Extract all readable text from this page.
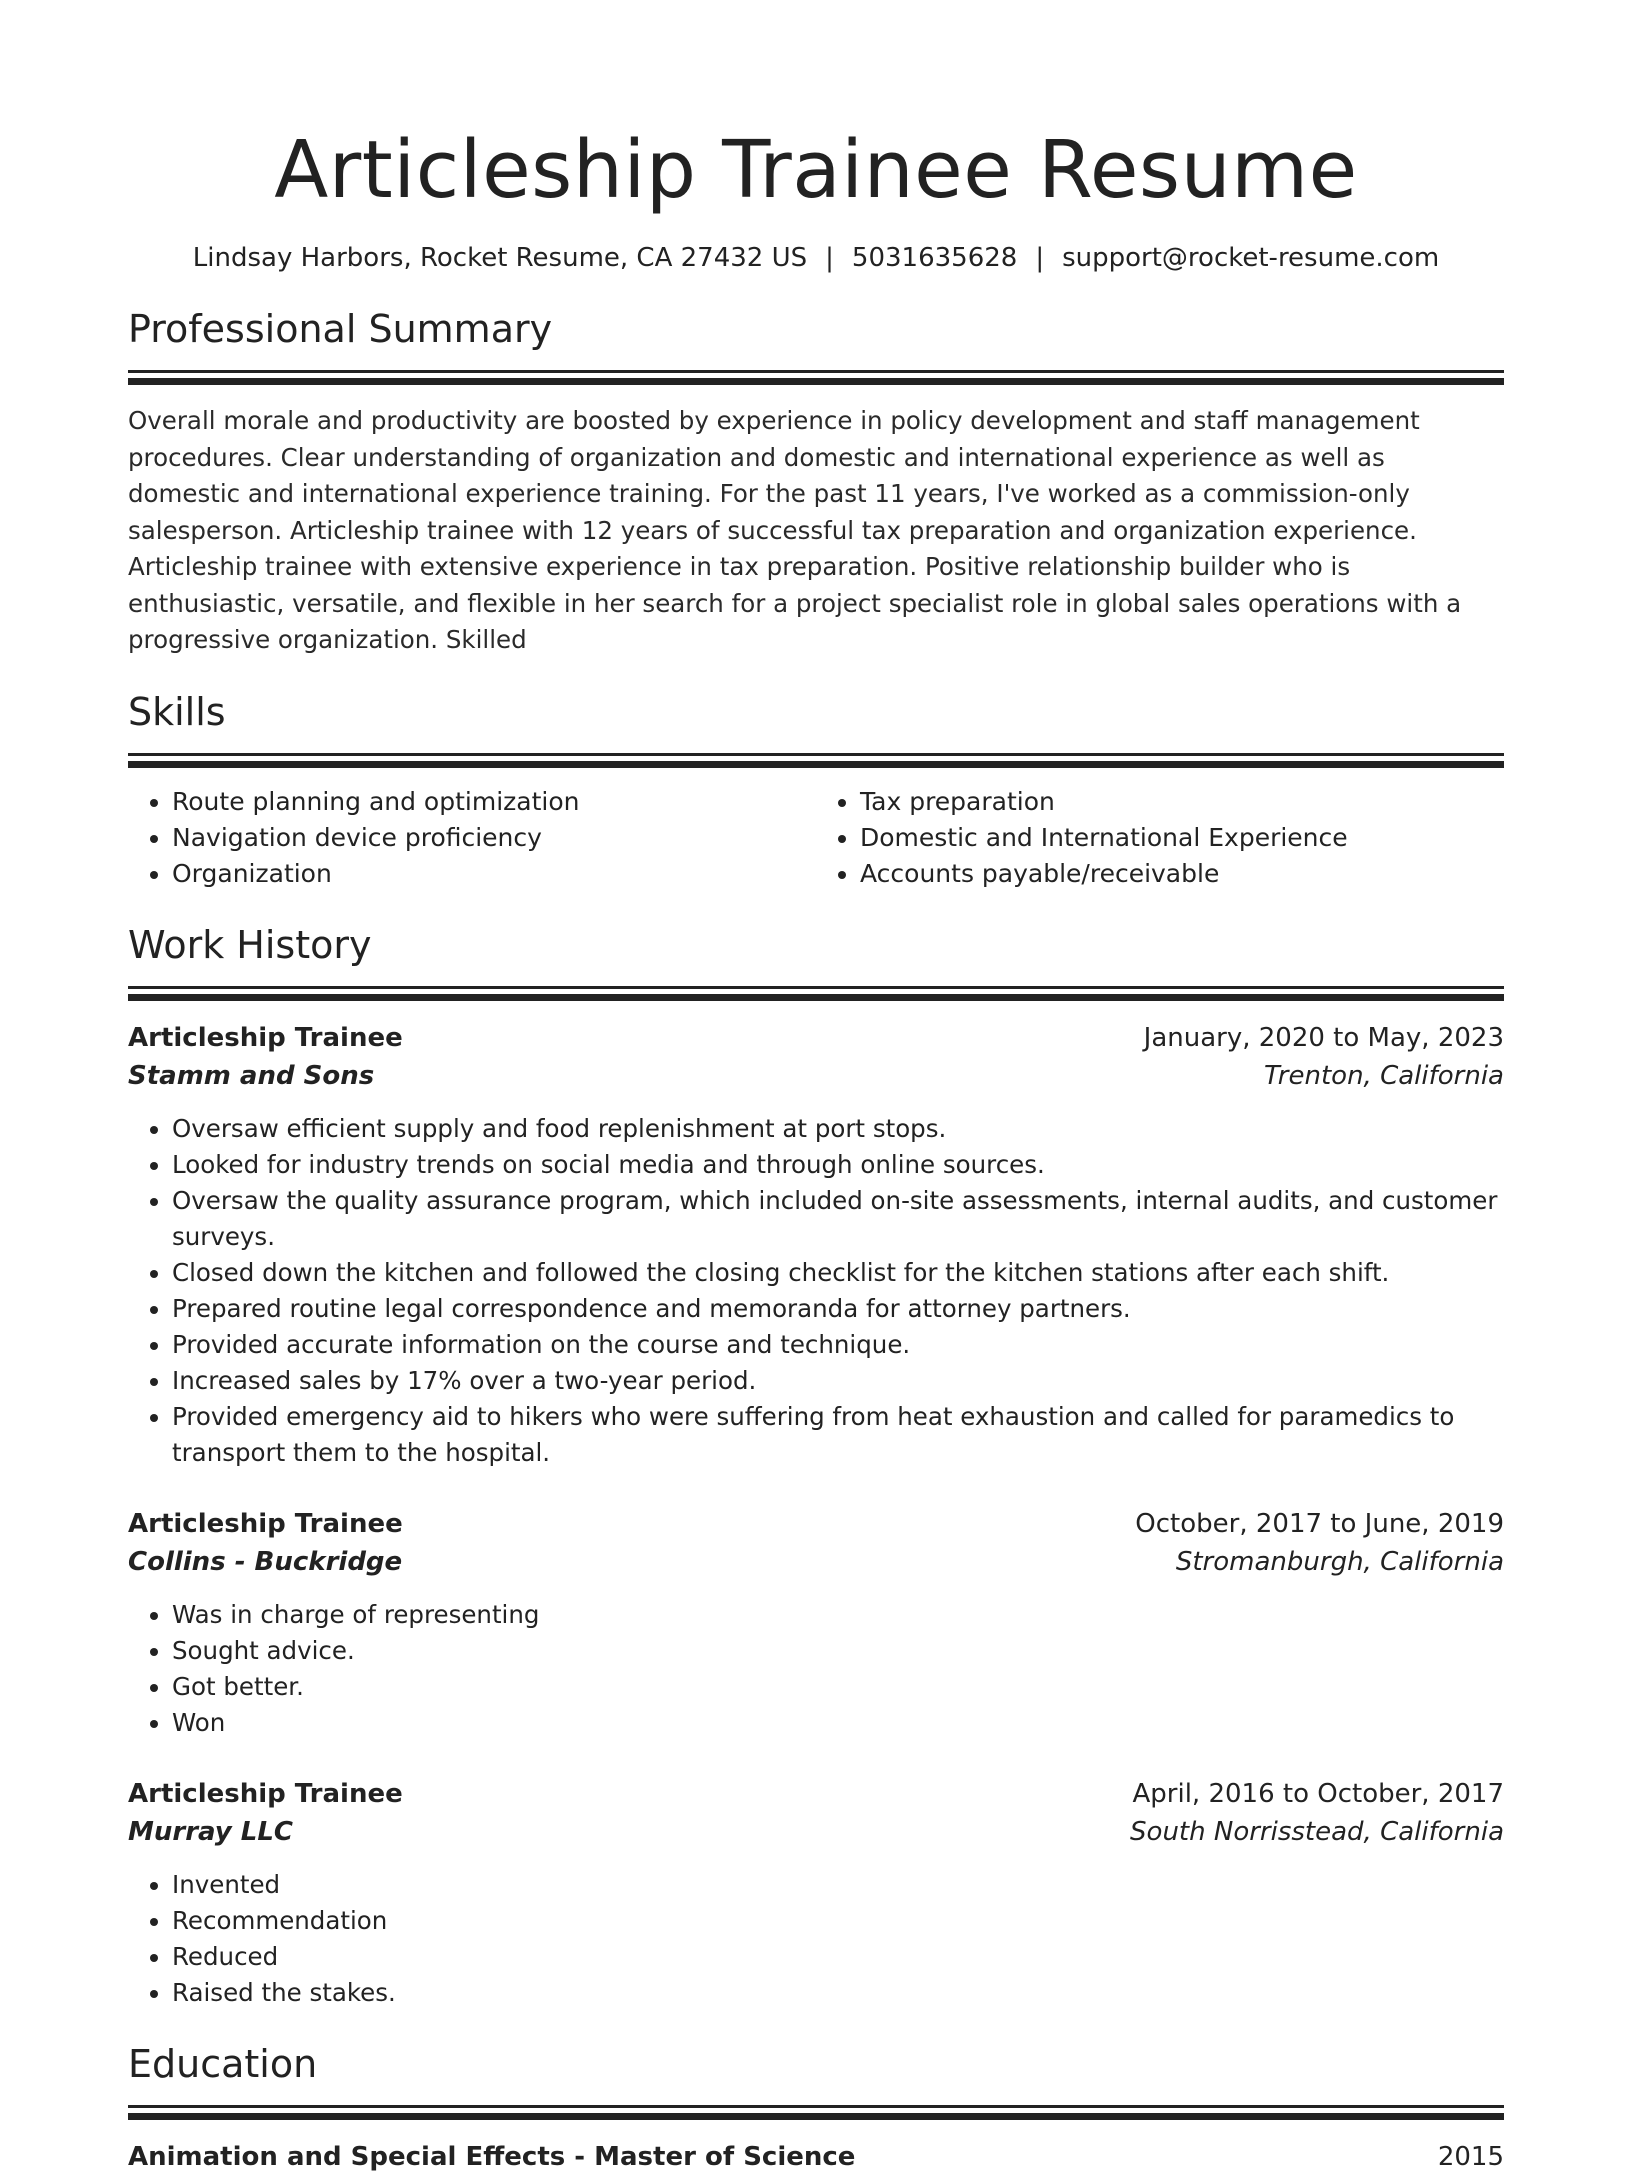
Articleship Trainee Resume
Lindsay Harbors, Rocket Resume, CA 27432 US | 5031635628 | support@rocket-resume.com
Professional Summary
Overall morale and productivity are boosted by experience in policy development and staff management procedures. Clear understanding of organization and domestic and international experience as well as domestic and international experience training. For the past 11 years, I've worked as a commission-only salesperson. Articleship trainee with 12 years of successful tax preparation and organization experience. Articleship trainee with extensive experience in tax preparation. Positive relationship builder who is enthusiastic, versatile, and flexible in her search for a project specialist role in global sales operations with a progressive organization. Skilled
Skills
• Route planning and optimization
• Navigation device proficiency
• Organization
• Tax preparation
• Domestic and International Experience
• Accounts payable/receivable
Work History
Articleship Trainee	January, 2020 to May, 2023
Stamm and Sons	Trenton, California
• Oversaw efficient supply and food replenishment at port stops.
• Looked for industry trends on social media and through online sources.
• Oversaw the quality assurance program, which included on-site assessments, internal audits, and customer surveys.
• Closed down the kitchen and followed the closing checklist for the kitchen stations after each shift.
• Prepared routine legal correspondence and memoranda for attorney partners.
• Provided accurate information on the course and technique.
• Increased sales by 17% over a two-year period.
• Provided emergency aid to hikers who were suffering from heat exhaustion and called for paramedics to transport them to the hospital.
Articleship Trainee	October, 2017 to June, 2019
Collins - Buckridge	Stromanburgh, California
• Was in charge of representing
• Sought advice.
• Got better.
• Won
Articleship Trainee	April, 2016 to October, 2017
Murray LLC	South Norrisstead, California
• Invented
• Recommendation
• Reduced
• Raised the stakes.
Education
Animation and Special Effects - Master of Science	2015
